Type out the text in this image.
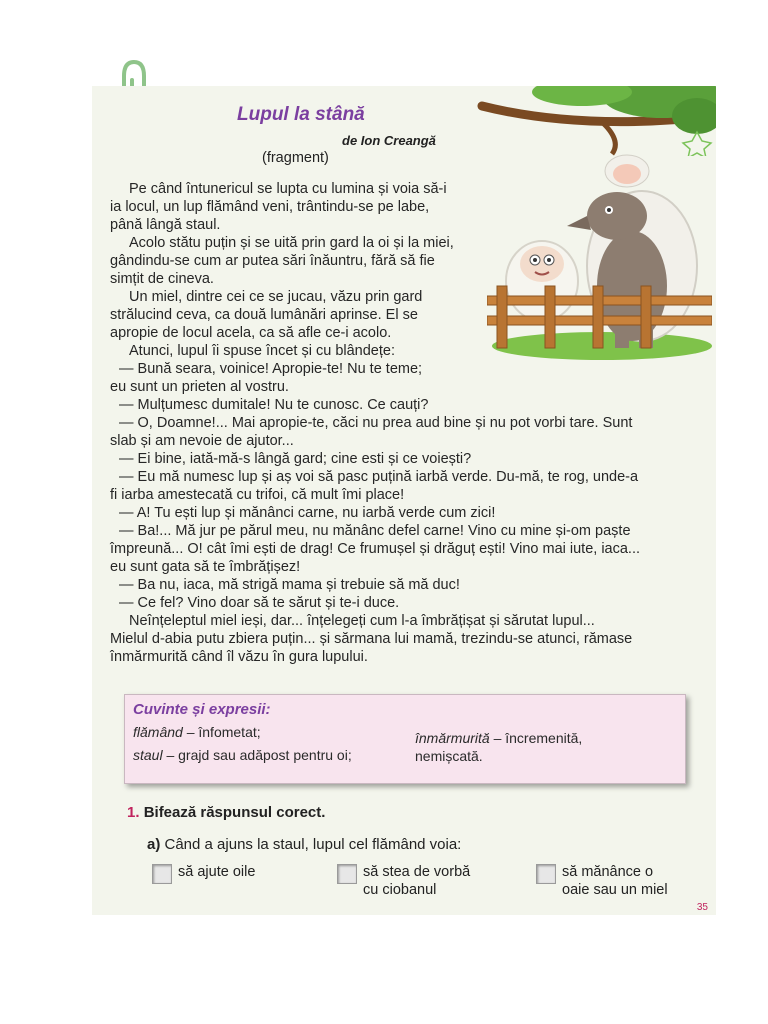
Lupul la stână
de Ion Creangă
(fragment)
Pe când întunericul se lupta cu lumina și voia să-i
ia locul, un lup flămând veni, trântindu-se pe labe,
până lângă staul.
Acolo stătu puțin și se uită prin gard la oi și la miei,
gândindu-se cum ar putea sări înăuntru, fără să fie
simțit de cineva.
Un miel, dintre cei ce se jucau, văzu prin gard
strălucind ceva, ca două lumânări aprinse. El se
apropie de locul acela, ca să afle ce-i acolo.
Atunci, lupul îi spuse încet și cu blândețe:
— Bună seara, voinice! Apropie-te! Nu te teme;
eu sunt un prieten al vostru.
— Mulțumesc dumitale! Nu te cunosc. Ce cauți?
— O, Doamne!... Mai apropie-te, căci nu prea aud bine și nu pot vorbi tare. Sunt
slab și am nevoie de ajutor...
— Ei bine, iată-mă-s lângă gard; cine esti și ce voiești?
— Eu mă numesc lup și aș voi să pasc puțină iarbă verde. Du-mă, te rog, unde-a
fi iarba amestecată cu trifoi, că mult îmi place!
— A! Tu ești lup și mănânci carne, nu iarbă verde cum zici!
— Ba!... Mă jur pe părul meu, nu mănânc defel carne! Vino cu mine și-om paște
împreună... O! cât îmi ești de drag! Ce frumușel și drăguț ești! Vino mai iute, iaca...
eu sunt gata să te îmbrățișez!
— Ba nu, iaca, mă strigă mama și trebuie să mă duc!
— Ce fel? Vino doar să te sărut și te-i duce.
Neînțeleptul miel ieși, dar... înțelegeți cum l-a îmbrățișat și sărutat lupul...
Mielul d-abia putu zbiera puțin... și sărmana lui mamă, trezindu-se atunci, rămase
înmărmurită când îl văzu în gura lupului.
Cuvinte și expresii:
flămând – înfometat;
staul – grajd sau adăpost pentru oi;
înmărmurită – încremenită,
nemișcată.
1. Bifează răspunsul corect.
a) Când a ajuns la staul, lupul cel flămând voia:
să ajute oile	să stea de vorbă
cu ciobanul
să mănânce o
oaie sau un miel
35
